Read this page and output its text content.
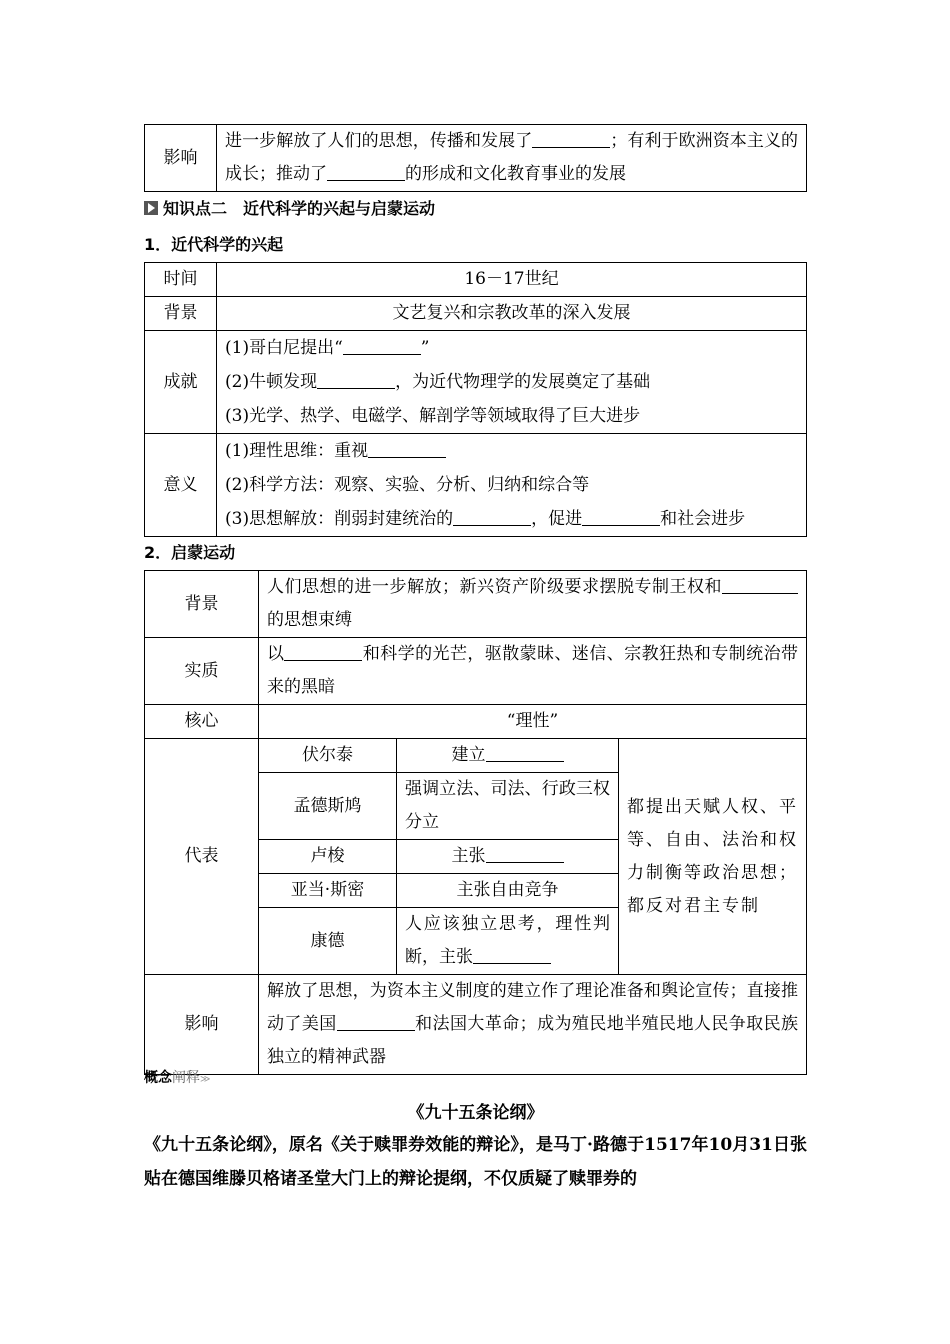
影响	进一步解放了人们的思想，传播和发展了	；有利于欧洲资本主义的成长；推动了	的形成和文化教育事业的发展
知识点二　近代科学的兴起与启蒙运动
1．近代科学的兴起
时间	16－17世纪
背景	文艺复兴和宗教改革的深入发展
成就	(1)哥白尼提出“ ”

(2)牛顿发现 ，为近代物理学的发展奠定了基础

(3)光学、热学、电磁学、解剖学等领域取得了巨大进步

意义	(1)理性思维：重视

(2)科学方法：观察、实验、分析、归纳和综合等

(3)思想解放：削弱封建统治的 ，促进 和社会进步

2．启蒙运动
背景	人们思想的进一步解放；新兴资产阶级要求摆脱专制王权和的思想束缚		
实质	以 和科学的光芒，驱散蒙昧、迷信、宗教狂热和专制统治带来的黑暗		
核心	“理性”		
代表	伏尔泰	建立	都提出天赋人权、平等、自由、法治和权力制衡等政治思想；都反对君主专制
	孟德斯鸠	强调立法、司法、行政三权分立	
	卢梭	主张	
	亚当·斯密	主张自由竞争	
	康德	人应该独立思考，理性判断，主张	
影响	解放了思想，为资本主义制度的建立作了理论准备和舆论宣传；直接推动了美国 和法国大革命；成为殖民地半殖民地人民争取民族独立的精神武器		
概念阐释≫
《九十五条论纲》
《九十五条论纲》，原名《关于赎罪券效能的辩论》，是马丁·路德于1517年10月31日张贴在德国维滕贝格诸圣堂大门上的辩论提纲，不仅质疑了赎罪券的
